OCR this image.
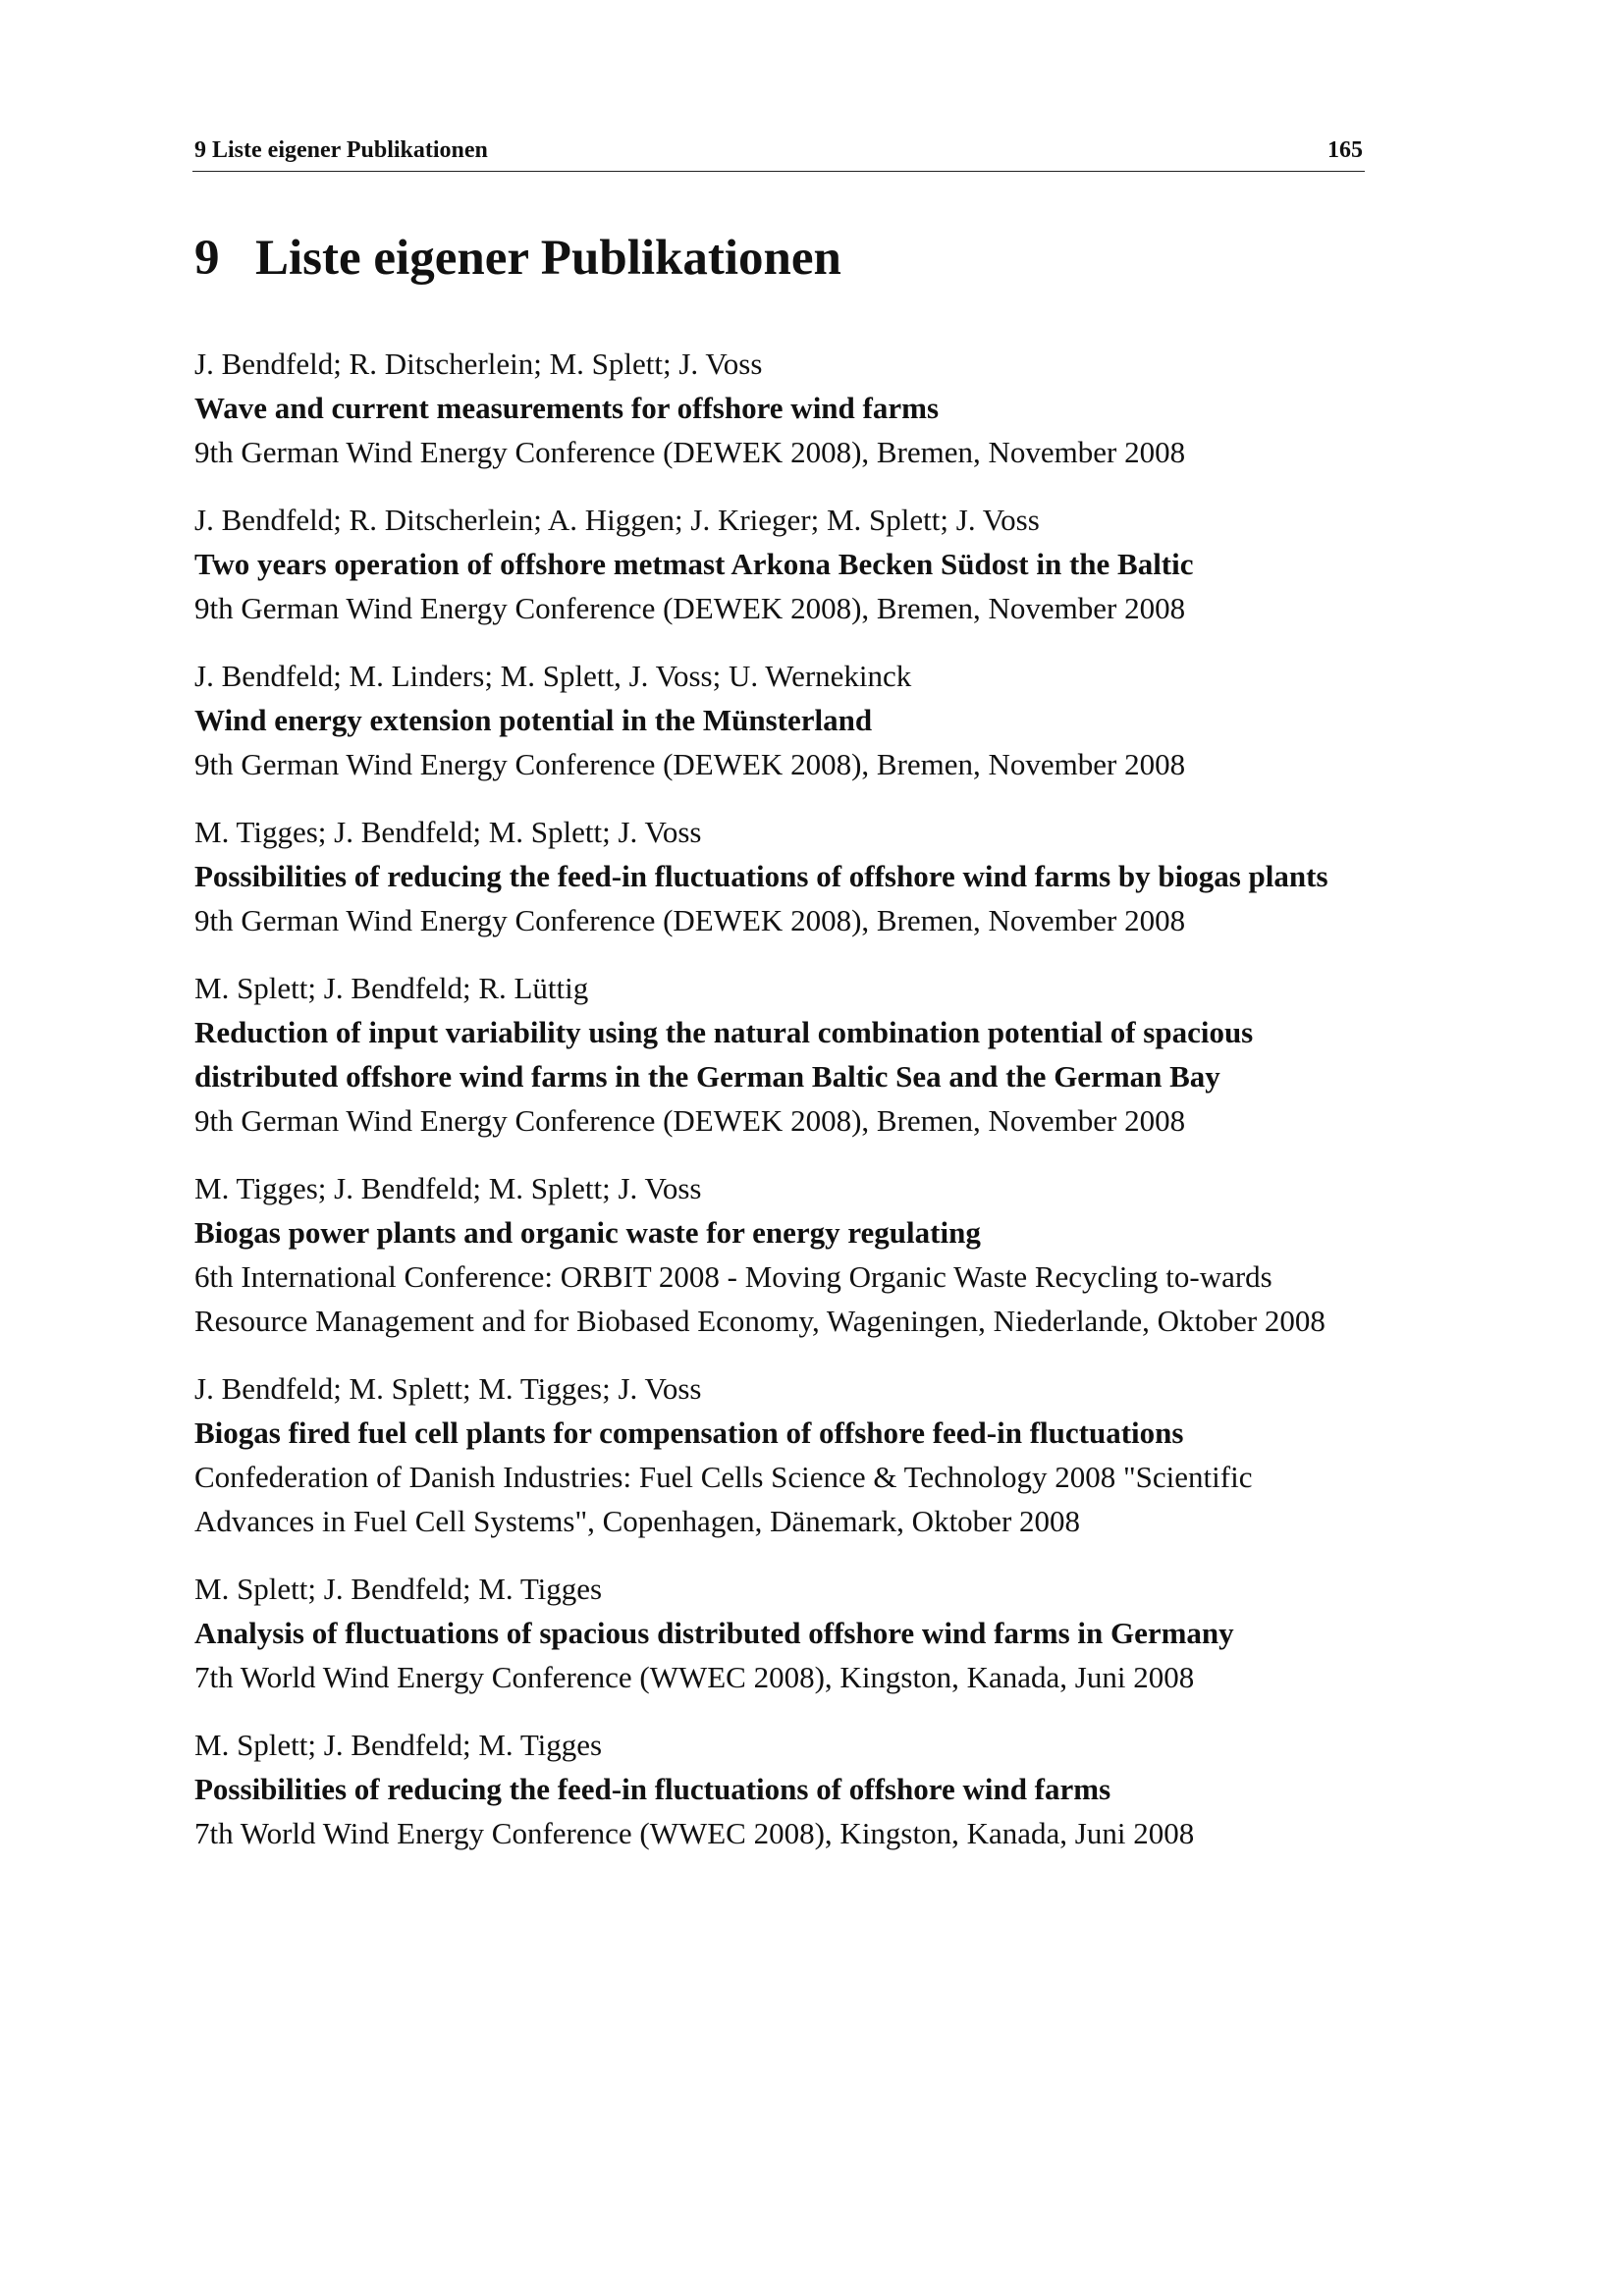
9 Liste eigener Publikationen	165
9 Liste eigener Publikationen
J. Bendfeld; R. Ditscherlein; M. Splett; J. Voss
Wave and current measurements for offshore wind farms
9th German Wind Energy Conference (DEWEK 2008), Bremen, November 2008
J. Bendfeld; R. Ditscherlein; A. Higgen; J. Krieger; M. Splett; J. Voss
Two years operation of offshore metmast Arkona Becken Südost in the Baltic
9th German Wind Energy Conference (DEWEK 2008), Bremen, November 2008
J. Bendfeld; M. Linders; M. Splett, J. Voss; U. Wernekinck
Wind energy extension potential in the Münsterland
9th German Wind Energy Conference (DEWEK 2008), Bremen, November 2008
M. Tigges; J. Bendfeld; M. Splett; J. Voss
Possibilities of reducing the feed-in fluctuations of offshore wind farms by biogas plants
9th German Wind Energy Conference (DEWEK 2008), Bremen, November 2008
M. Splett; J. Bendfeld; R. Lüttig
Reduction of input variability using the natural combination potential of spacious distributed offshore wind farms in the German Baltic Sea and the German Bay
9th German Wind Energy Conference (DEWEK 2008), Bremen, November 2008
M. Tigges; J. Bendfeld; M. Splett; J. Voss
Biogas power plants and organic waste for energy regulating
6th International Conference: ORBIT 2008 - Moving Organic Waste Recycling to-wards Resource Management and for Biobased Economy, Wageningen, Niederlande, Oktober 2008
J. Bendfeld; M. Splett; M. Tigges; J. Voss
Biogas fired fuel cell plants for compensation of offshore feed-in fluctuations
Confederation of Danish Industries: Fuel Cells Science & Technology 2008 "Scientific Advances in Fuel Cell Systems", Copenhagen, Dänemark, Oktober 2008
M. Splett; J. Bendfeld; M. Tigges
Analysis of fluctuations of spacious distributed offshore wind farms in Germany
7th World Wind Energy Conference (WWEC 2008), Kingston, Kanada, Juni 2008
M. Splett; J. Bendfeld; M. Tigges
Possibilities of reducing the feed-in fluctuations of offshore wind farms
7th World Wind Energy Conference (WWEC 2008), Kingston, Kanada, Juni 2008
